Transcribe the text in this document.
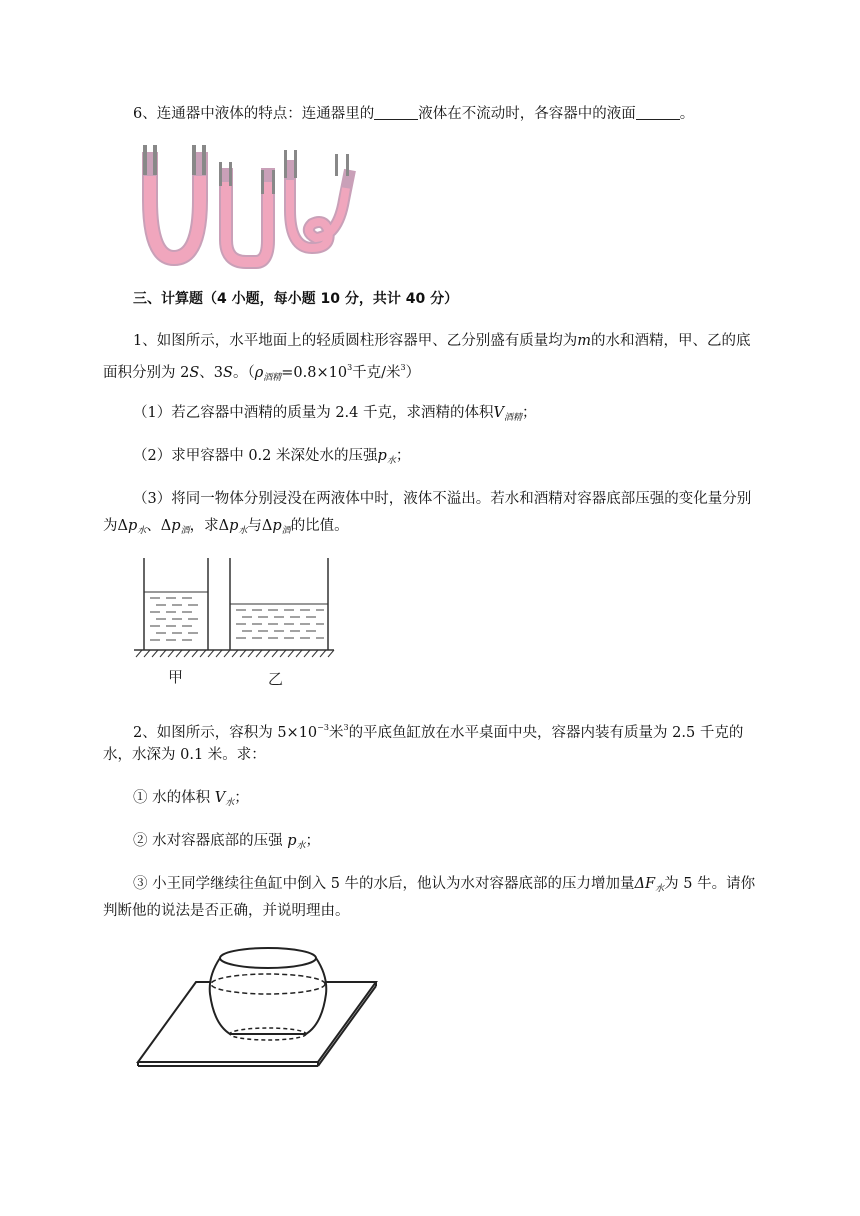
6、连通器中液体的特点：连通器里的	液体在不流动时，各容器中的液面	。
三、计算题（4 小题，每小题 10 分，共计 40 分）
1、如图所示，水平地面上的轻质圆柱形容器甲、乙分别盛有质量均为m的水和酒精，甲、乙的底
面积分别为 2S、3S。（$\rho_{酒精}=0.8\times 10^3$千克/米$^3$）
（1）若乙容器中酒精的质量为 2.4 千克，求酒精的体积$V_{酒精}$；
（2）求甲容器中 0.2 米深处水的压强$p_水$；
（3）将同一物体分别浸没在两液体中时，液体不溢出。若水和酒精对容器底部压强的变化量分别
为$\Delta p_水$、$\Delta p_酒$，求$\Delta p_水$与$\Delta p_酒$的比值。
甲	乙
2、如图所示，容积为 $5\times 10^{-3}$米$^3$的平底鱼缸放在水平桌面中央，容器内装有质量为 2.5 千克的
水，水深为 0.1 米。求：
① 水的体积 $V_水$；
② 水对容器底部的压强 $p_水$；
③ 小王同学继续往鱼缸中倒入 5 牛的水后，他认为水对容器底部的压力增加量$\Delta F_水$为 5 牛。请你
判断他的说法是否正确，并说明理由。
